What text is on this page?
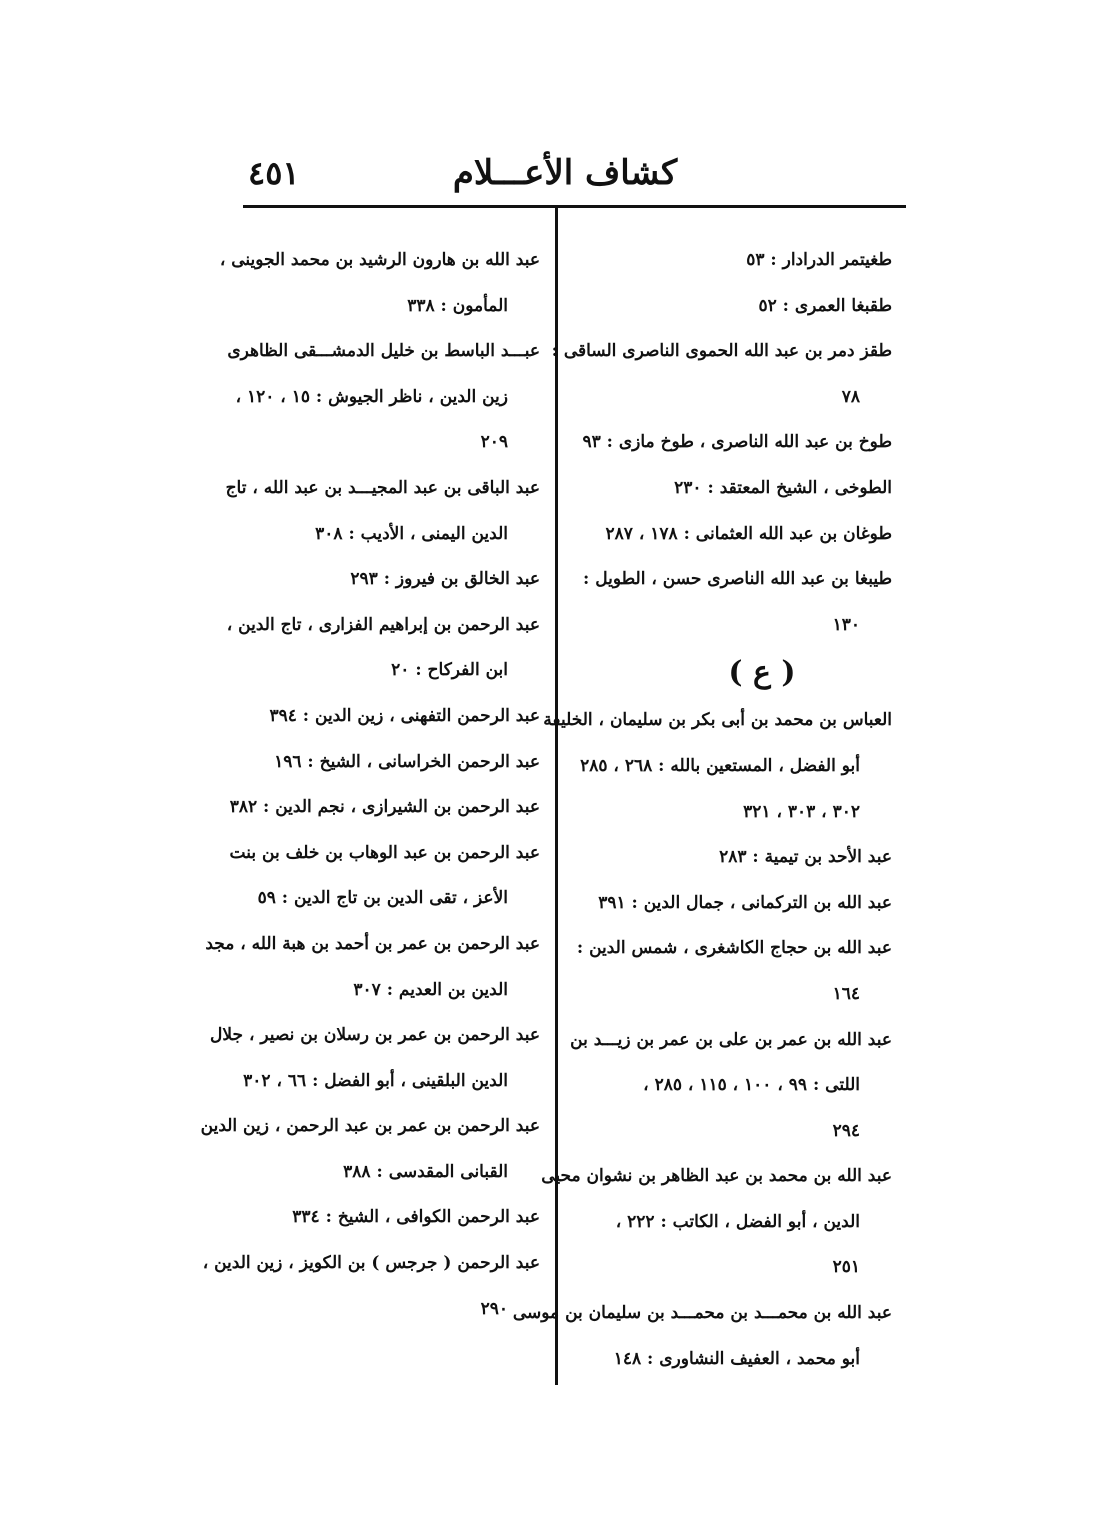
كشاف الأعـــلام
٤٥١
طغيتمر الدرادار : ٥٣
طقبغا العمرى : ٥٢
طقز دمر بن عبد الله الحموى الناصرى الساقى :
٧٨
طوخ بن عبد الله الناصرى ، طوخ مازى : ٩٣
الطوخى ، الشيخ المعتقد : ٢٣٠
طوغان بن عبد الله العثمانى : ١٧٨ ، ٢٨٧
طيبغا بن عبد الله الناصرى حسن ، الطويل :
١٣٠
( ع )
العباس بن محمد بن أبى بكر بن سليمان ، الخليفة
أبو الفضل ، المستعين بالله : ٢٦٨ ، ٢٨٥
٣٠٢ ، ٣٠٣ ، ٣٢١
عبد الأحد بن تيمية : ٢٨٣
عبد الله بن التركمانى ، جمال الدين : ٣٩١
عبد الله بن حجاج الكاشغرى ، شمس الدين :
١٦٤
عبد الله بن عمر بن على بن عمر بن زيـــد بن
اللتى : ٩٩ ، ١٠٠ ، ١١٥ ، ٢٨٥ ،
٢٩٤
عبد الله بن محمد بن عبد الظاهر بن نشوان محيى
الدين ، أبو الفضل ، الكاتب : ٢٢٢ ،
٢٥١
عبد الله بن محمـــد بن محمـــد بن سليمان بن موسى
أبو محمد ، العفيف النشاورى : ١٤٨
عبد الله بن هارون الرشيد بن محمد الجوينى ،
المأمون : ٣٣٨
عبـــد الباسط بن خليل الدمشـــقى الظاهرى
زين الدين ، ناظر الجيوش : ١٥ ، ١٢٠ ،
٢٠٩
عبد الباقى بن عبد المجيـــد بن عبد الله ، تاج
الدين اليمنى ، الأديب : ٣٠٨
عبد الخالق بن فيروز : ٢٩٣
عبد الرحمن بن إبراهيم الفزارى ، تاج الدين ،
ابن الفركاح : ٢٠
عبد الرحمن التفهنى ، زين الدين : ٣٩٤
عبد الرحمن الخراسانى ، الشيخ : ١٩٦
عبد الرحمن بن الشيرازى ، نجم الدين : ٣٨٢
عبد الرحمن بن عبد الوهاب بن خلف بن بنت
الأعز ، تقى الدين بن تاج الدين : ٥٩
عبد الرحمن بن عمر بن أحمد بن هبة الله ، مجد
الدين بن العديم : ٣٠٧
عبد الرحمن بن عمر بن رسلان بن نصير ، جلال
الدين البلقينى ، أبو الفضل : ٦٦ ، ٣٠٢
عبد الرحمن بن عمر بن عبد الرحمن ، زين الدين
القبانى المقدسى : ٣٨٨
عبد الرحمن الكوافى ، الشيخ : ٣٣٤
عبد الرحمن ( جرجس ) بن الكويز ، زين الدين ،
٢٩٠
